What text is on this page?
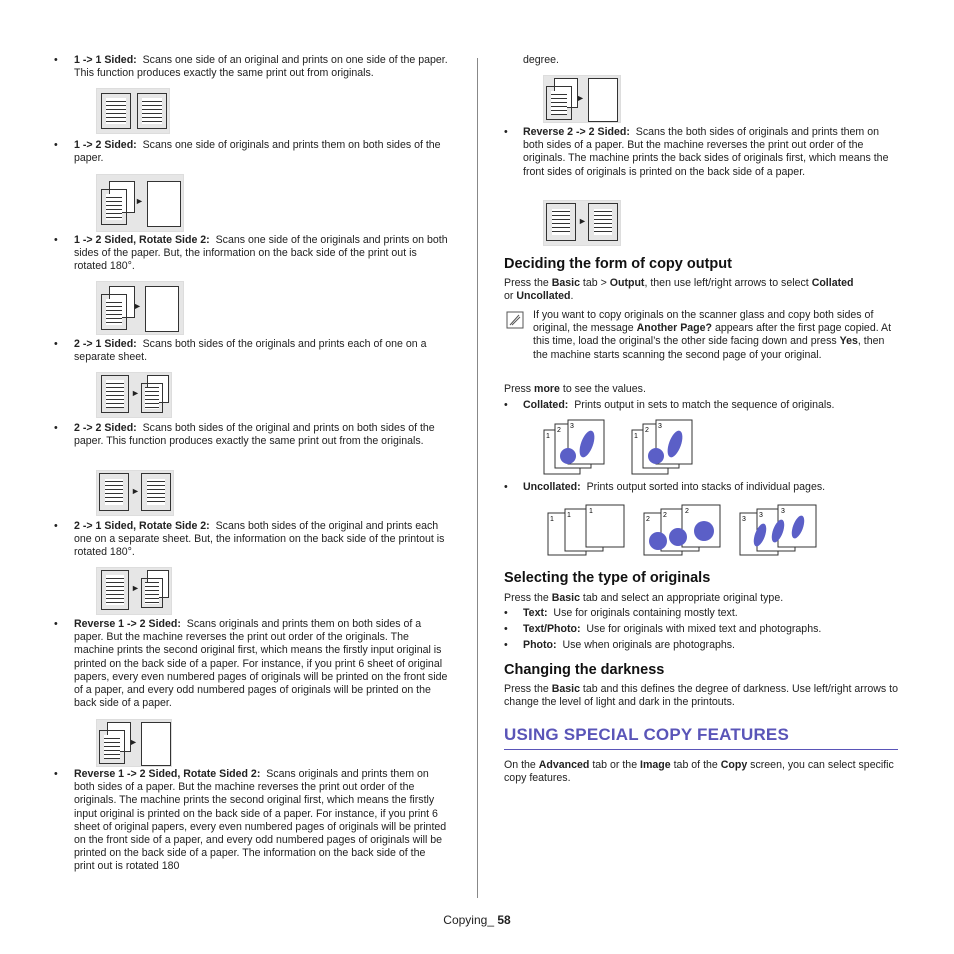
• 1 -> 1 Sided: Scans one side of an original and prints on one side of the paper. This function produces exactly the same print out from originals.
• 1 -> 2 Sided: Scans one side of originals and prints them on both sides of the paper.
►
• 1 -> 2 Sided, Rotate Side 2: Scans one side of the originals and prints on both sides of the paper. But, the information on the back side of the print out is rotated 180°.
►
• 2 -> 1 Sided: Scans both sides of the originals and prints each of one on a separate sheet.
►
• 2 -> 2 Sided: Scans both sides of the original and prints on both sides of the paper. This function produces exactly the same print out from the originals.
►
• 2 -> 1 Sided, Rotate Side 2: Scans both sides of the original and prints each one on a separate sheet. But, the information on the back side of the printout is rotated 180°.
►
• Reverse 1 -> 2 Sided: Scans originals and prints them on both sides of a paper. But the machine reverses the print out order of the originals. The machine prints the second original first, which means the firstly input original is printed on the back side of a paper. For instance, if you print 6 sheet of original papers, every even numbered pages of originals will be printed on the front side of a paper, and every odd numbered pages of originals will be printed on the back side of a paper.
►
• Reverse 1 -> 2 Sided, Rotate Sided 2: Scans originals and prints them on both sides of a paper. But the machine reverses the print out order of the originals. The machine prints the second original first, which means the firstly input original is printed on the back side of a paper. For instance, if you print 6 sheet of original papers, every even numbered pages of originals will be printed on the front side of a paper, and every odd numbered pages of originals will be printed on the back side of a paper. The information on the back side of the print out is rotated 180
degree.
►
• Reverse 2 -> 2 Sided: Scans the both sides of originals and prints them on both sides of a paper. But the machine reverses the print out order of the originals. The machine prints the back sides of originals first, which means the front sides of originals is printed on the back side of a paper.
►
Deciding the form of copy output
Press the Basic tab > Output, then use left/right arrows to select Collated
or Uncollated.
If you want to copy originals on the scanner glass and copy both sides of original, the message Another Page? appears after the first page copied. At this time, load the original’s the other side facing down and press Yes, then the machine starts scanning the second page of your original.
Press more to see the values.
• Collated: Prints output in sets to match the sequence of originals.
1
2
3
1
2
3
• Uncollated: Prints output sorted into stacks of individual pages.
1
1
1
2
2
2
3
3
3
Selecting the type of originals
Press the Basic tab and select an appropriate original type.
• Text: Use for originals containing mostly text.
• Text/Photo: Use for originals with mixed text and photographs.
• Photo: Use when originals are photographs.
Changing the darkness
Press the Basic tab and this defines the degree of darkness. Use left/right arrows to change the level of light and dark in the printouts.
USING SPECIAL COPY FEATURES
On the Advanced tab or the Image tab of the Copy screen, you can select specific copy features.
Copying_ 58
